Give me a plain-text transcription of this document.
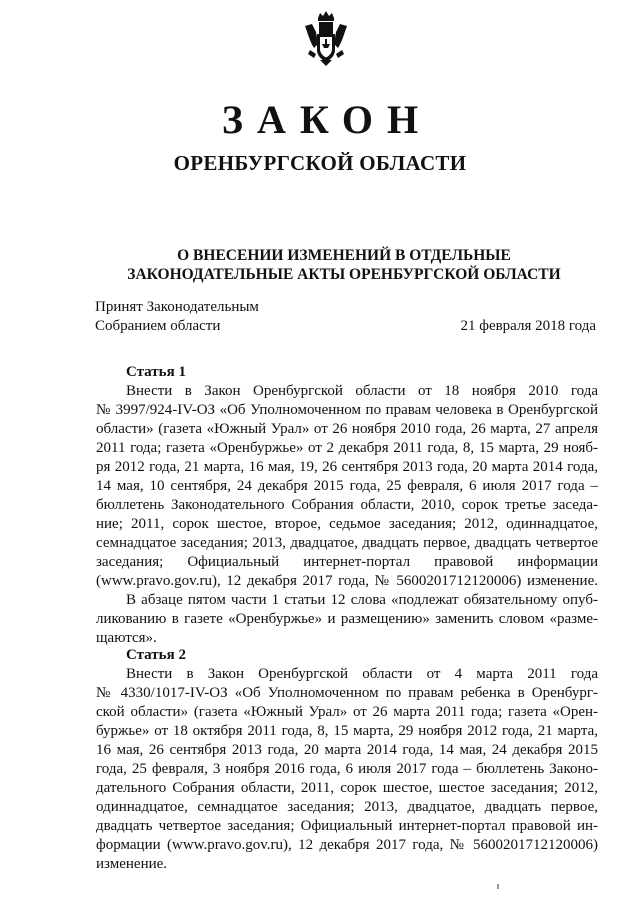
ЗАКОН
ОРЕНБУРГСКОЙ ОБЛАСТИ
О ВНЕСЕНИИ ИЗМЕНЕНИЙ В ОТДЕЛЬНЫЕ
ЗАКОНОДАТЕЛЬНЫЕ АКТЫ ОРЕНБУРГСКОЙ ОБЛАСТИ
Принят Законодательным
Собранием области	21 февраля 2018 года
Статья 1
Внести в Закон Оренбургской области от 18 ноября 2010 года
№ 3997/924-IV-ОЗ «Об Уполномоченном по правам человека в Оренбургской
области» (газета «Южный Урал» от 26 ноября 2010 года, 26 марта, 27 апреля
2011 года; газета «Оренбуржье» от 2 декабря 2011 года, 8, 15 марта, 29 нояб-
ря 2012 года, 21 марта, 16 мая, 19, 26 сентября 2013 года, 20 марта 2014 года,
14 мая, 10 сентября, 24 декабря 2015 года, 25 февраля, 6 июля 2017 года –
бюллетень Законодательного Собрания области, 2010, сорок третье заседа-
ние; 2011, сорок шестое, второе, седьмое заседания; 2012, одиннадцатое,
семнадцатое заседания; 2013, двадцатое, двадцать первое, двадцать четвертое
заседания; Официальный интернет-портал правовой информации
(www.pravo.gov.ru), 12 декабря 2017 года, № 5600201712120006) изменение.
В абзаце пятом части 1 статьи 12 слова «подлежат обязательному опуб-
ликованию в газете «Оренбуржье» и размещению» заменить словом «разме-
щаются».
Статья 2
Внести в Закон Оренбургской области от 4 марта 2011 года
№ 4330/1017-IV-ОЗ «Об Уполномоченном по правам ребенка в Оренбург-
ской области» (газета «Южный Урал» от 26 марта 2011 года; газета «Орен-
буржье» от 18 октября 2011 года, 8, 15 марта, 29 ноября 2012 года, 21 марта,
16 мая, 26 сентября 2013 года, 20 марта 2014 года, 14 мая, 24 декабря 2015
года, 25 февраля, 3 ноября 2016 года, 6 июля 2017 года – бюллетень Законо-
дательного Собрания области, 2011, сорок шестое, шестое заседания; 2012,
одиннадцатое, семнадцатое заседания; 2013, двадцатое, двадцать первое,
двадцать четвертое заседания; Официальный интернет-портал правовой ин-
формации (www.pravo.gov.ru), 12 декабря 2017 года, № 5600201712120006)
изменение.
